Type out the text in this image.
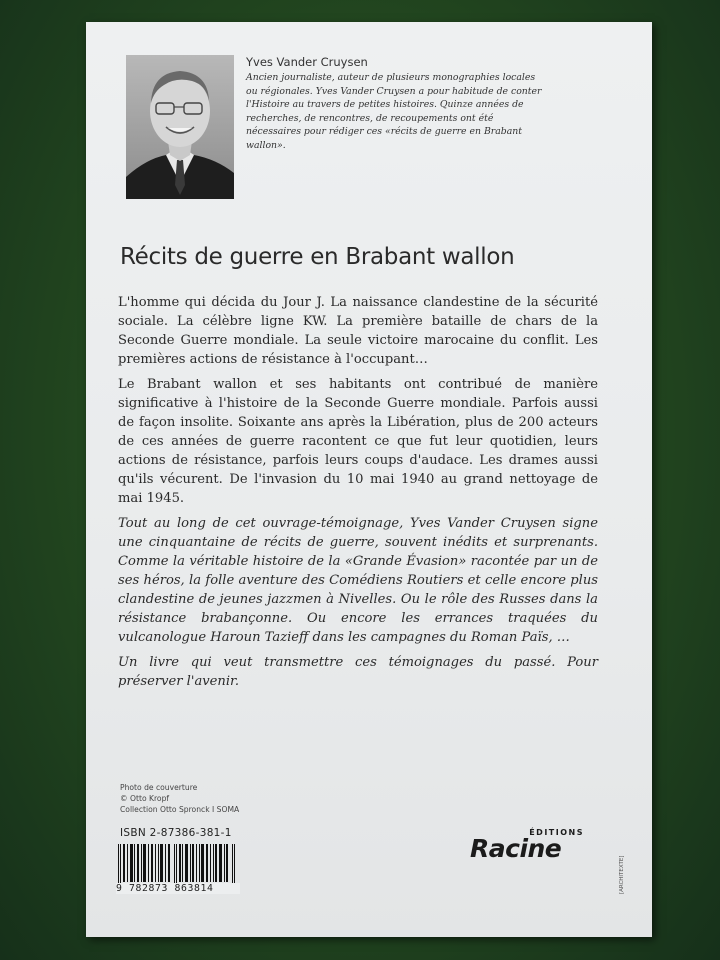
Yves Vander Cruysen
Ancien journaliste, auteur de plusieurs monographies locales ou régionales. Yves Vander Cruysen a pour habitude de conter l'Histoire au travers de petites histoires. Quinze années de recherches, de rencontres, de recoupements ont été nécessaires pour rédiger ces «récits de guerre en Brabant wallon».
Récits de guerre en Brabant wallon

L'homme qui décida du Jour J. La naissance clandestine de la sécurité sociale. La célèbre ligne KW. La première bataille de chars de la Seconde Guerre mondiale. La seule victoire marocaine du conflit. Les premières actions de résistance à l'occupant…

Le Brabant wallon et ses habitants ont contribué de manière significative à l'histoire de la Seconde Guerre mondiale. Parfois aussi de façon insolite. Soixante ans après la Libération, plus de 200 acteurs de ces années de guerre racontent ce que fut leur quotidien, leurs actions de résistance, parfois leurs coups d'audace. Les drames aussi qu'ils vécurent. De l'invasion du 10 mai 1940 au grand nettoyage de mai 1945.

Tout au long de cet ouvrage-témoignage, Yves Vander Cruysen signe une cinquantaine de récits de guerre, souvent inédits et surprenants. Comme la véritable histoire de la «Grande Évasion» racontée par un de ses héros, la folle aventure des Comédiens Routiers et celle encore plus clandestine de jeunes jazzmen à Nivelles. Ou le rôle des Russes dans la résistance brabançonne. Ou encore les errances traquées du vulcanologue Haroun Tazieff dans les campagnes du Roman Païs, …

Un livre qui veut transmettre ces témoignages du passé. Pour préserver l'avenir.

Photo de couverture
© Otto Kropf
Collection Otto Spronck I SOMA
ISBN 2-87386-381-1
9 782873 863814
ÉDITIONS
Racine
[ARCHITEXTE]
